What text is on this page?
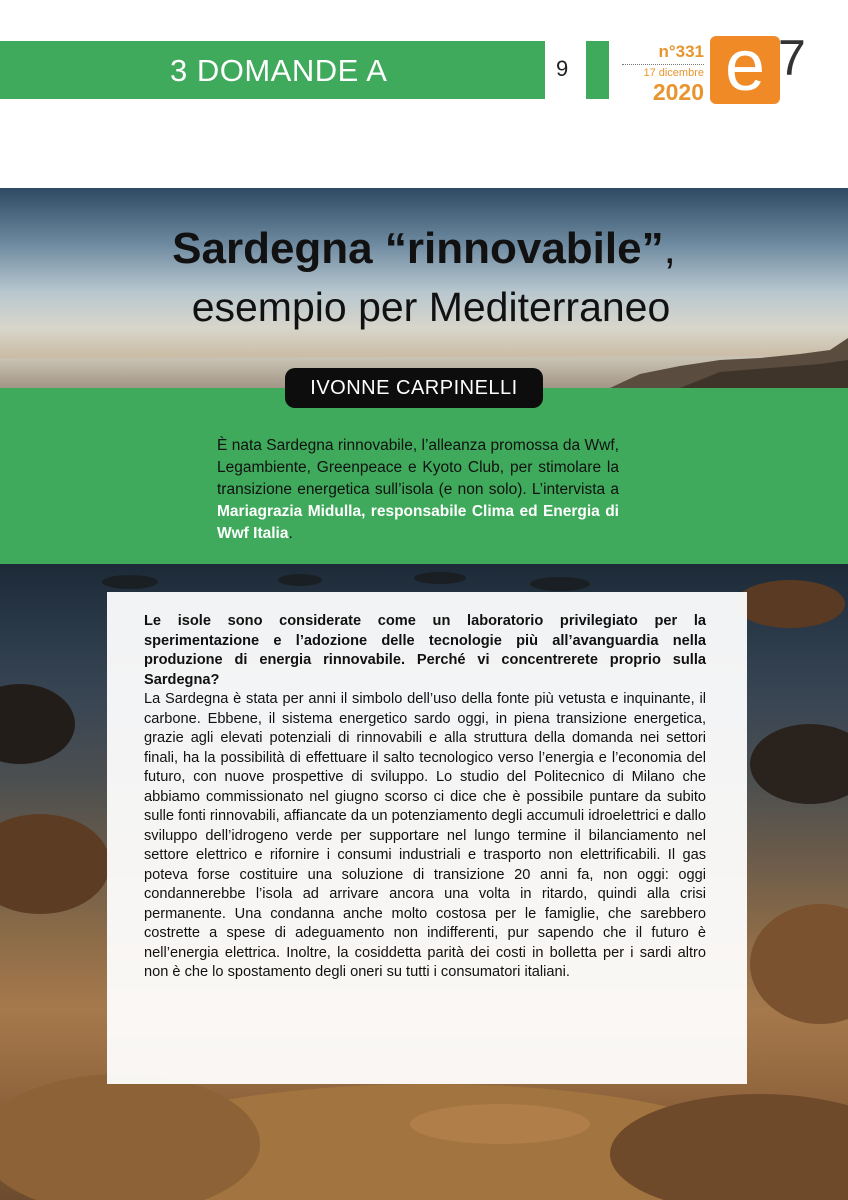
3 DOMANDE A	9
n°331
17 dicembre
2020 e 7
Sardegna “rinnovabile”,
esempio per Mediterraneo
IVONNE CARPINELLI
È nata Sardegna rinnovabile, l’alleanza promossa da Wwf, Legambiente, Greenpeace e Kyoto Club, per stimolare la transizione energetica sull’isola (e non solo). L’intervista a Mariagrazia Midulla, responsabile Clima ed Energia di Wwf Italia.

Le isole sono considerate come un laboratorio privilegiato per la sperimentazione e l’adozione delle tecnologie più all’avanguardia nella produzione di energia rinnovabile. Perché vi concentrerete proprio sulla Sardegna?

La Sardegna è stata per anni il simbolo dell’uso della fonte più vetusta e inquinante, il carbone. Ebbene, il sistema energetico sardo oggi, in piena transizione energetica, grazie agli elevati potenziali di rinnovabili e alla struttura della domanda nei settori finali, ha la possibilità di effettuare il salto tecnologico verso l’energia e l’economia del futuro, con nuove prospettive di sviluppo. Lo studio del Politecnico di Milano che abbiamo commissionato nel giugno scorso ci dice che è possibile puntare da subito sulle fonti rinnovabili, affiancate da un potenziamento degli accumuli idroelettrici e dallo sviluppo dell’idrogeno verde per supportare nel lungo termine il bilanciamento nel settore elettrico e rifornire i consumi industriali e trasporto non elettrificabili. Il gas poteva forse costituire una soluzione di transizione 20 anni fa, non oggi: oggi condannerebbe l’isola ad arrivare ancora una volta in ritardo, quindi alla crisi permanente. Una condanna anche molto costosa per le famiglie, che sarebbero costrette a spese di adeguamento non indifferenti, pur sapendo che il futuro è nell’energia elettrica. Inoltre, la cosiddetta parità dei costi in bolletta per i sardi altro non è che lo spostamento degli oneri su tutti i consumatori italiani.
